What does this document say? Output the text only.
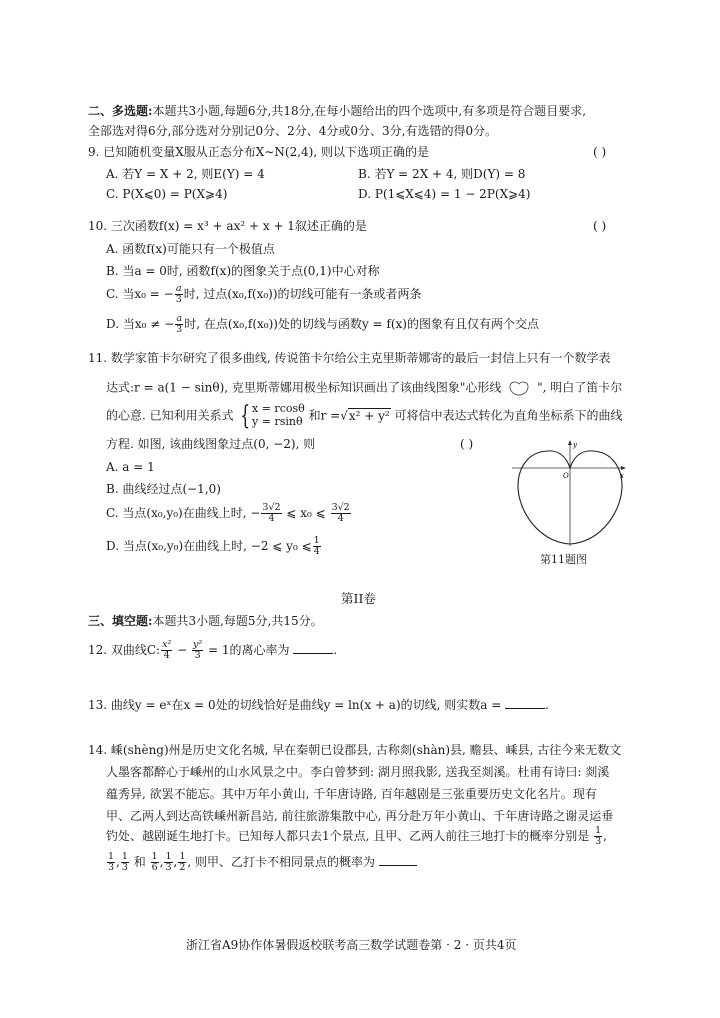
二、多选题:本题共3小题,每题6分,共18分,在每小题给出的四个选项中,有多项是符合题目要求,
全部选对得6分,部分选对分别记0分、2分、4分或0分、3分,有选错的得0分。
9. 已知随机变量X服从正态分布X∼N(2,4), 则以下选项正确的是	( )
A. 若Y = X + 2, 则E(Y) = 4	B. 若Y = 2X + 4, 则D(Y) = 8
C. P(X⩽0) = P(X⩾4)	D. P(1⩽X⩽4) = 1 − 2P(X⩾4)
10. 三次函数f(x) = x³ + ax² + x + 1叙述正确的是	( )
A. 函数f(x)可能只有一个极值点
B. 当a = 0时, 函数f(x)的图象关于点(0,1)中心对称
C. 当x₀ = − $\frac{a}{3}$ 时, 过点(x₀,f(x₀))的切线可能有一条或者两条
D. 当x₀ ≠ − $\frac{a}{3}$ 时, 在点(x₀,f(x₀))处的切线与函数y = f(x)的图象有且仅有两个交点
11. 数学家笛卡尔研究了很多曲线, 传说笛卡尔给公主克里斯蒂娜寄的最后一封信上只有一个数学表
达式:r = a(1 − sinθ), 克里斯蒂娜用极坐标知识画出了该曲线图象"心形线	", 明白了笛卡尔
的心意. 已知利用关系式 { x = rcosθ
y = rsinθ 和r =√x² + y² 可将信中表达式转化为直角坐标系下的曲线
方程. 如图, 该曲线图象过点(0, −2), 则	( )
A. a = 1
B. 曲线经过点(−1,0)
C. 当点(x₀,y₀)在曲线上时, − $\frac{3√2}{4}$ ⩽ x₀ ⩽ $\frac{3√2}{4}$
D. 当点(x₀,y₀)在曲线上时, −2 ⩽ y₀ ⩽ $\frac{1}{4}$
y
x
O
第11题图
第II卷
三、填空题:本题共3小题,每题5分,共15分。
12. 双曲线C: $\frac{\text{x²}}{4} - \frac{\text{y²}}{3} = 1$的离心率为	.
13. 曲线y = eˣ在x = 0处的切线恰好是曲线y = ln(x + a)的切线, 则实数a =	.
14. 嵊(shèng)州是历史文化名城, 早在秦朝已设郡县, 古称剡(shàn)县, 赡县、嵊县, 古往今来无数文
人墨客都醉心于嵊州的山水风景之中。李白曾梦到: 湖月照我影, 送我至剡溪。杜甫有诗曰: 剡溪
蕴秀异, 欲罢不能忘。其中万年小黄山, 千年唐诗路, 百年越剧是三张重要历史文化名片。现有
甲、乙两人到达高铁嵊州新昌站, 前往旅游集散中心, 再分赴万年小黄山、千年唐诗路之谢灵运垂
钓处、越剧诞生地打卡。已知每人都只去1个景点, 且甲、乙两人前往三地打卡的概率分别是 $\frac{1}{3}$ ,
$\frac{1}{3}$ , $\frac{1}{3}$ 和 $\frac{1}{6}$ , $\frac{1}{3}$ , $\frac{1}{2}$ , 则甲、乙打卡不相同景点的概率为
浙江省A9协作体暑假返校联考高三数学试题卷第 · 2 · 页共4页
